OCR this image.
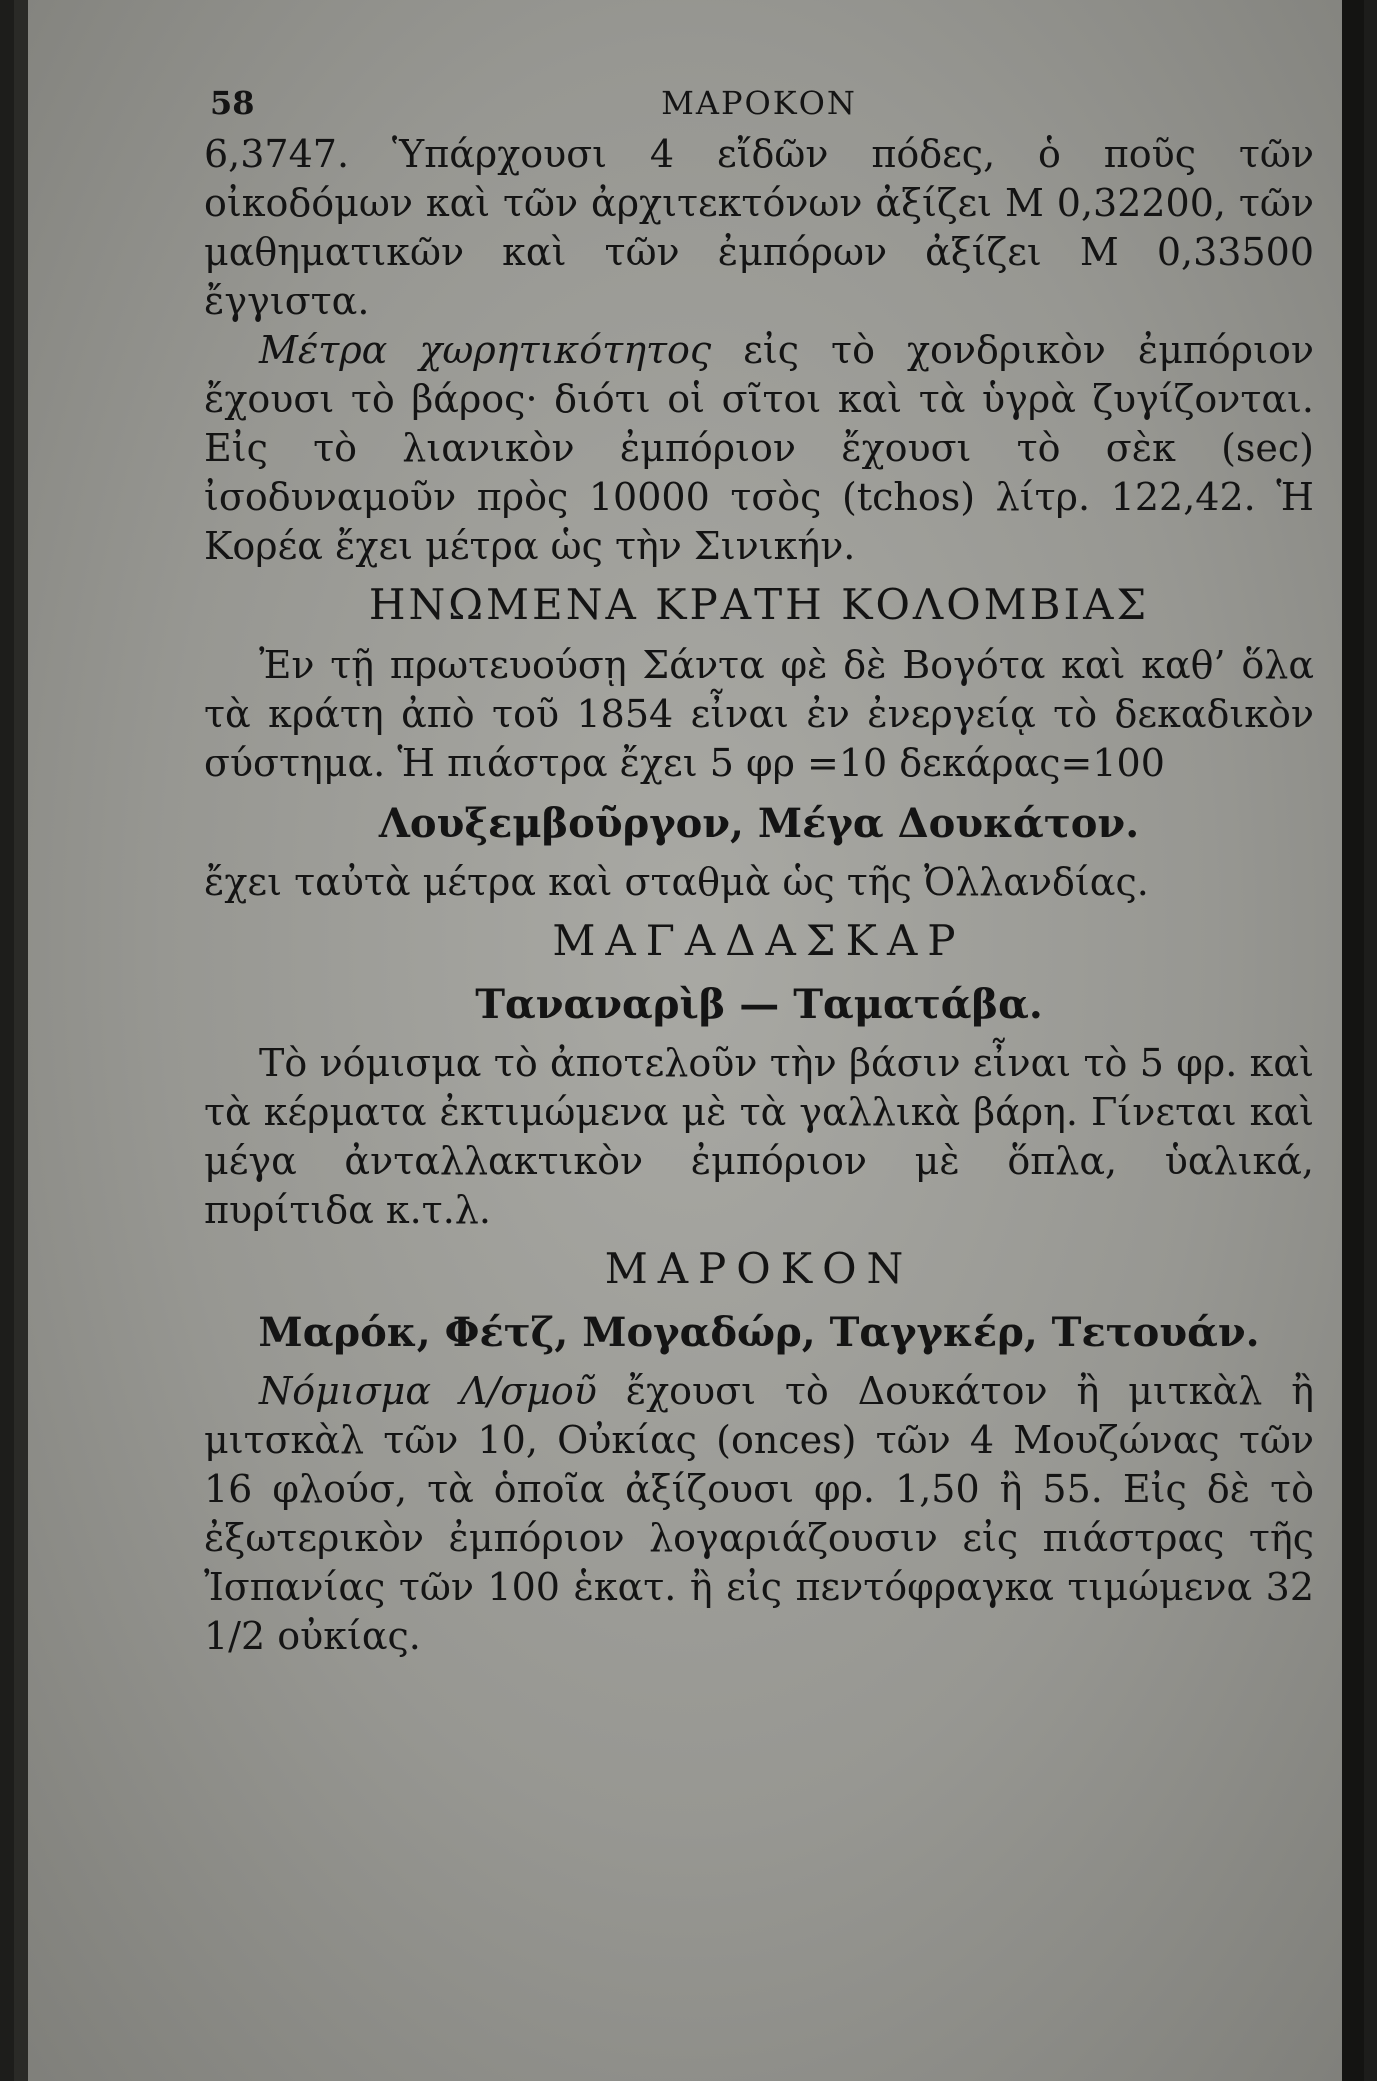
58	ΜΑΡΟΚΟΝ

6,3747. Ὑπάρχουσι 4 εἴδῶν πόδες, ὁ ποῦς τῶν οἰκοδόμων καὶ τῶν ἀρχιτεκτόνων ἀξίζει Μ 0,32200, τῶν μαθηματικῶν καὶ τῶν ἐμπόρων ἀξίζει Μ 0,33500 ἔγγιστα.

Μέτρα χωρητικότητος εἰς τὸ χονδρικὸν ἐμπόριον ἔχουσι τὸ βάρος· διότι οἱ σῖτοι καὶ τὰ ὑγρὰ ζυγίζονται. Εἰς τὸ λιανικὸν ἐμπόριον ἔχουσι τὸ σὲκ (sec) ἰσοδυναμοῦν πρὸς 10000 τσὸς (tchos) λίτρ. 122,42. Ἡ Κορέα ἔχει μέτρα ὡς τὴν Σινικήν.

ΗΝΩΜΕΝΑ ΚΡΑΤΗ ΚΟΛΟΜΒΙΑΣ

Ἐν τῇ πρωτευούσῃ Σάντα φὲ δὲ Βογότα καὶ καθ’ ὅλα τὰ κράτη ἀπὸ τοῦ 1854 εἶναι ἐν ἐνεργείᾳ τὸ δεκαδικὸν σύστημα. Ἡ πιάστρα ἔχει 5 φρ =10 δεκάρας=100

Λουξεμβοῦργον, Μέγα Δουκάτον.

ἔχει ταὐτὰ μέτρα καὶ σταθμὰ ὡς τῆς Ὀλλανδίας.

ΜΑΓΑΔΑΣΚΑΡ
Ταναναρὶβ — Ταματάβα.

Τὸ νόμισμα τὸ ἀποτελοῦν τὴν βάσιν εἶναι τὸ 5 φρ. καὶ τὰ κέρματα ἐκτιμώμενα μὲ τὰ γαλλικὰ βάρη. Γίνεται καὶ μέγα ἀνταλλακτικὸν ἐμπόριον μὲ ὅπλα, ὑαλικά, πυρίτιδα κ.τ.λ.

ΜΑΡΟΚΟΝ
Μαρόκ, Φέτζ, Μογαδώρ, Ταγγκέρ, Τετουάν.

Νόμισμα Λ/σμοῦ ἔχουσι τὸ Δουκάτον ἢ μιτκὰλ ἢ μιτσκὰλ τῶν 10, Οὐκίας (onces) τῶν 4 Μουζώνας τῶν 16 φλούσ, τὰ ὁποῖα ἀξίζουσι φρ. 1,50 ἢ 55. Εἰς δὲ τὸ ἐξωτερικὸν ἐμπόριον λογαριάζουσιν εἰς πιάστρας τῆς Ἰσπανίας τῶν 100 ἑκατ. ἢ εἰς πεντόφραγκα τιμώμενα 32 1/2 οὐκίας.
